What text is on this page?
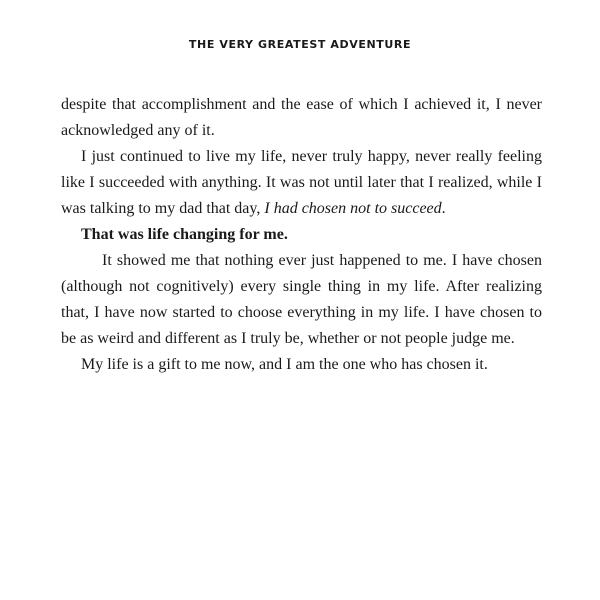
THE VERY GREATEST ADVENTURE

despite that accomplishment and the ease of which I achieved it, I never acknowledged any of it.

I just continued to live my life, never truly happy, never really feeling like I succeeded with anything. It was not until later that I realized, while I was talking to my dad that day, I had chosen not to succeed.

That was life changing for me.

It showed me that nothing ever just happened to me. I have chosen (although not cognitively) every single thing in my life. After realizing that, I have now started to choose everything in my life. I have chosen to be as weird and different as I truly be, whether or not people judge me.

My life is a gift to me now, and I am the one who has chosen it.
